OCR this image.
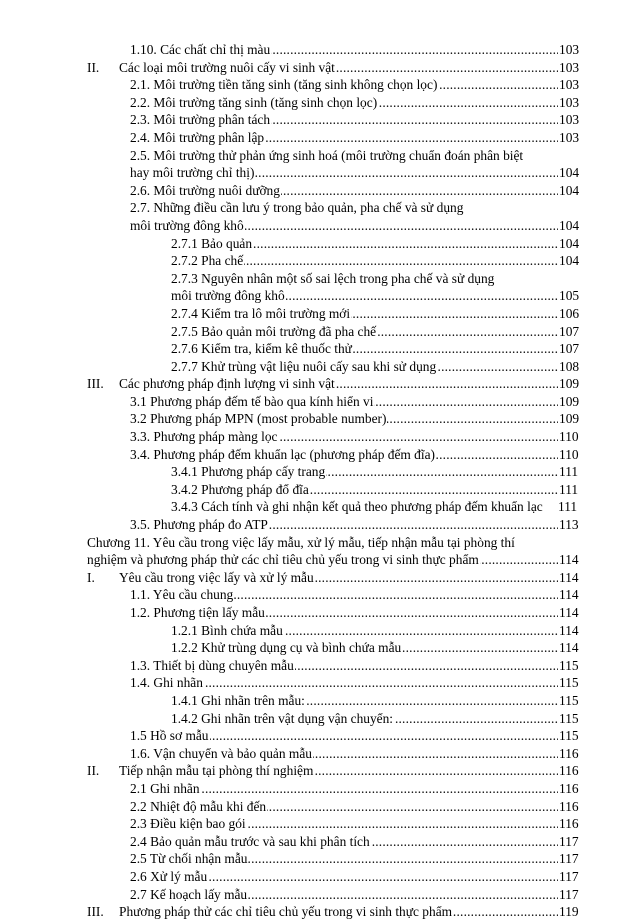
1.10. Các chất chỉ thị màu .....	103
II. Các loại môi trường nuôi cấy vi sinh vật .....	103
2.1. Môi trường tiền tăng sinh (tăng sinh không chọn lọc) .....	103
2.2. Môi trường tăng sinh (tăng sinh chọn lọc) .....	103
2.3. Môi trường phân tách .....	103
2.4. Môi trường phân lập .....	103
2.5. Môi trường thử phản ứng sinh hoá (môi trường chuẩn đoán phân biệt
hay môi trường chỉ thị) .....	104
2.6. Môi trường nuôi dưỡng .....	104
2.7. Những điều cần lưu ý trong bảo quản, pha chế và sử dụng
môi trường đông khô .....	104
2.7.1 Bảo quản .....	104
2.7.2 Pha chế .....	104
2.7.3 Nguyên nhân một số sai lệch trong pha chế và sử dụng
môi trường đông khô .....	105
2.7.4 Kiểm tra lô môi trường mới .....	106
2.7.5 Bảo quản môi trường đã pha chế .....	107
2.7.6 Kiểm tra, kiểm kê thuốc thử .....	107
2.7.7 Khử trùng vật liệu nuôi cấy sau khi sử dụng .....	108
III. Các phương pháp định lượng vi sinh vật .....	109
3.1 Phương pháp đếm tế bào qua kính hiển vi .....	109
3.2 Phương pháp MPN (most probable number) .....	109
3.3. Phương pháp màng lọc .....	110
3.4. Phương pháp đếm khuẩn lạc (phương pháp đếm đĩa) .....	110
3.4.1 Phương pháp cấy trang .....	111
3.4.2 Phương pháp đổ đĩa .....	111
3.4.3 Cách tính và ghi nhận kết quả theo phương pháp đếm khuẩn lạc 111
3.5. Phương pháp đo ATP .....	113
Chương 11. Yêu cầu trong việc lấy mẫu, xử lý mẫu, tiếp nhận mẫu tại phòng thí
nghiệm và phương pháp thử các chỉ tiêu chủ yếu trong vi sinh thực phẩm .....	114
I. Yêu cầu trong việc lấy và xử lý mẫu .....	114
1.1. Yêu cầu chung .....	114
1.2. Phương tiện lấy mẫu .....	114
1.2.1 Bình chứa mẫu .....	114
1.2.2 Khử trùng dụng cụ và bình chứa mẫu .....	114
1.3. Thiết bị dùng chuyên mẫu .....	115
1.4. Ghi nhãn .....	115
1.4.1 Ghi nhãn trên mẫu: .....	115
1.4.2 Ghi nhãn trên vật dụng vận chuyển: .....	115
1.5 Hồ sơ mẫu .....	115
1.6. Vận chuyển và bảo quản mẫu .....	116
II. Tiếp nhận mẫu tại phòng thí nghiệm .....	116
2.1 Ghi nhãn .....	116
2.2 Nhiệt độ mẫu khi đến .....	116
2.3 Điều kiện bao gói .....	116
2.4 Bảo quản mẫu trước và sau khi phân tích .....	117
2.5 Từ chối nhận mẫu .....	117
2.6 Xử lý mẫu .....	117
2.7 Kế hoạch lấy mẫu .....	117
III. Phương pháp thử các chỉ tiêu chủ yếu trong vi sinh thực phẩm .....	119
